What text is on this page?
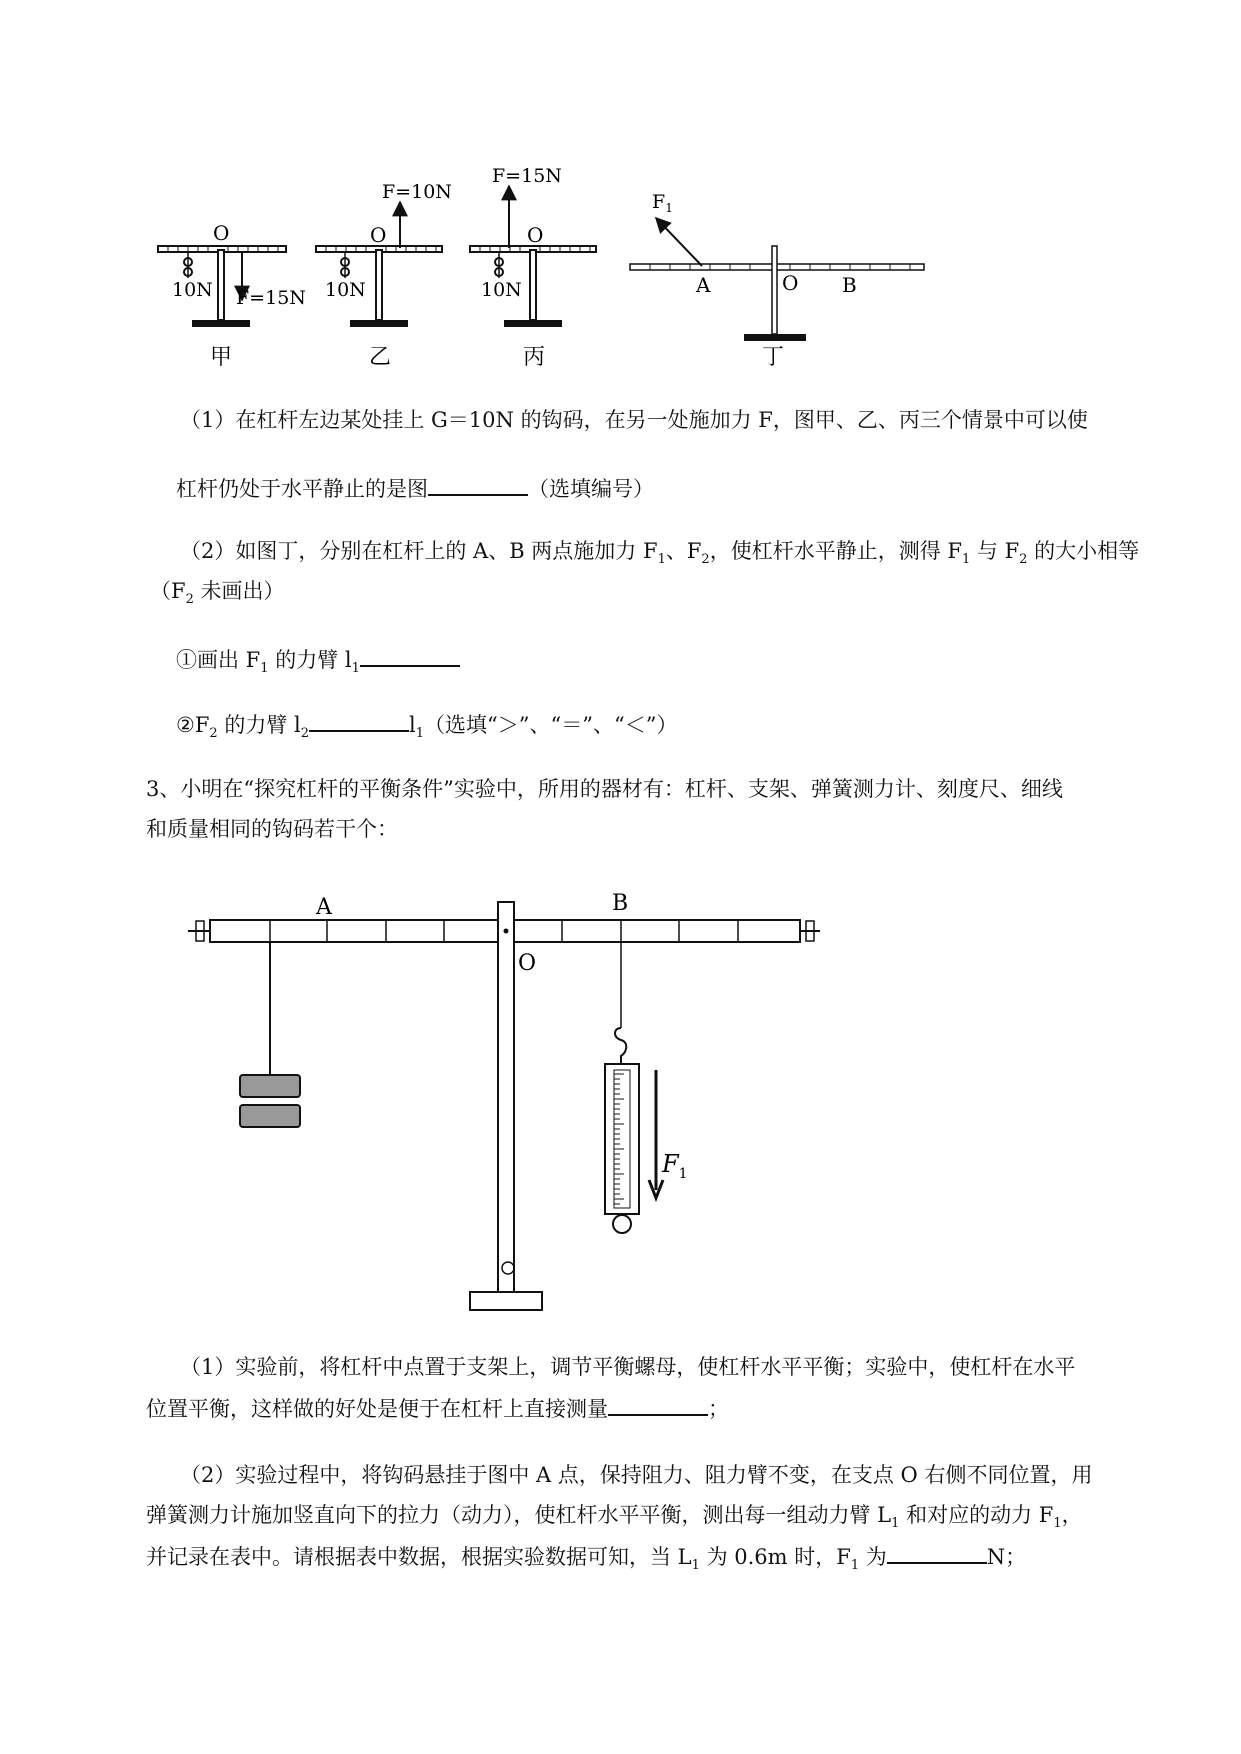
O
10N F=15N
甲
O
10N
F=10N
乙
O
10N
F=15N
丙
$F_1$
A	O B
丁
（1）在杠杆左边某处挂上 G＝10N 的钩码，在另一处施加力 F，图甲、乙、丙三个情景中可以使
杠杆仍处于水平静止的是图	（选填编号）
（2）如图丁，分别在杠杆上的 A、B 两点施加力 $F_1$、$F_2$，使杠杆水平静止，测得 $F_1$ 与 $F_2$ 的大小相等
（$F_2$ 未画出）
①画出 $F_1$ 的力臂 $l_1$
$②F_2$ 的力臂 $l_2$	$l_1$（选填“＞”、“＝”、“＜”）
3、小明在“探究杠杆的平衡条件”实验中，所用的器材有：杠杆、支架、弹簧测力计、刻度尺、细线
和质量相同的钩码若干个：
A	B
O
$F_1$
（1）实验前，将杠杆中点置于支架上，调节平衡螺母，使杠杆水平平衡；实验中，使杠杆在水平
位置平衡，这样做的好处是便于在杠杆上直接测量	；
（2）实验过程中，将钩码悬挂于图中 A 点，保持阻力、阻力臂不变，在支点 O 右侧不同位置，用
弹簧测力计施加竖直向下的拉力（动力），使杠杆水平平衡，测出每一组动力臂 $L_1$ 和对应的动力 $F_1$，
并记录在表中。请根据表中数据，根据实验数据可知，当 $L_1$ 为 0.6m 时，$F_1$ 为	N；
